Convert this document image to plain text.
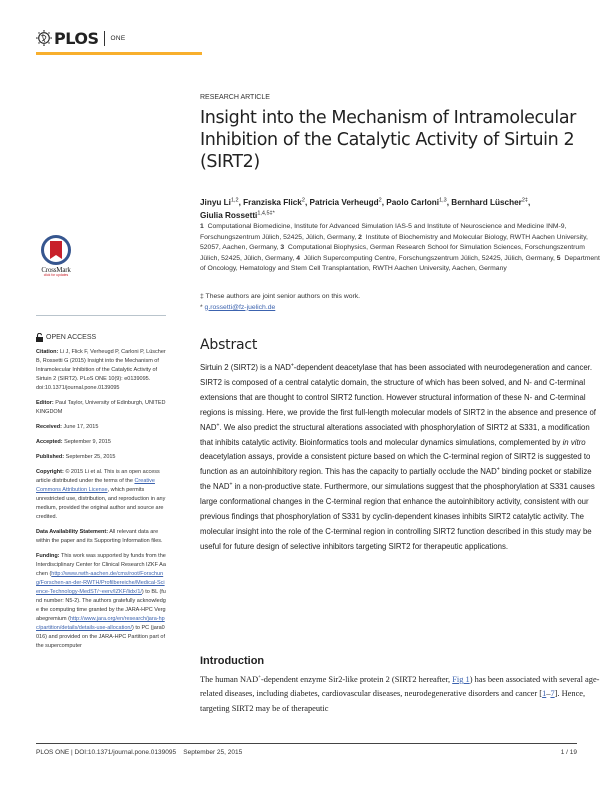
PLOS ONE
RESEARCH ARTICLE
Insight into the Mechanism of Intramolecular Inhibition of the Catalytic Activity of Sirtuin 2 (SIRT2)
Jinyu Li$^{1,2}$, Franziska Flick$^2$, Patricia Verheugd$^2$, Paolo Carloni$^{1,3}$, Bernhard Lüscher$^{2\ddagger}$,
Giulia Rossetti$^{1,4,5\ddagger*}$
1 Computational Biomedicine, Institute for Advanced Simulation IAS-5 and Institute of Neuroscience and Medicine INM-9, Forschungszentrum Jülich, 52425, Jülich, Germany, 2 Institute of Biochemistry and Molecular Biology, RWTH Aachen University, 52057, Aachen, Germany, 3 Computational Biophysics, German Research School for Simulation Sciences, Forschungszentrum Jülich, 52425, Jülich, Germany, 4 Jülich Supercomputing Centre, Forschungszentrum Jülich, 52425, Jülich, Germany, 5 Department of Oncology, Hematology and Stem Cell Transplantation, RWTH Aachen University, Aachen, Germany
‡ These authors are joint senior authors on this work.
* g.rossetti@fz-juelich.de
CrossMark
click for updates
OPEN ACCESS
Citation: Li J, Flick F, Verheugd P, Carloni P, Lüscher B, Rossetti G (2015) Insight into the Mechanism of Intramolecular Inhibition of the Catalytic Activity of Sirtuin 2 (SIRT2). PLoS ONE 10(9): e0139095. doi:10.1371/journal.pone.0139095
Editor: Paul Taylor, University of Edinburgh, UNITED KINGDOM
Received: June 17, 2015
Accepted: September 9, 2015
Published: September 25, 2015
Copyright: © 2015 Li et al. This is an open access article distributed under the terms of the Creative Commons Attribution License, which permits unrestricted use, distribution, and reproduction in any medium, provided the original author and source are credited.
Data Availability Statement: All relevant data are within the paper and its Supporting Information files.
Funding: This work was supported by funds from the Interdisciplinary Center for Clinical Research IZKF Aachen (http://www.rwth-aachen.de/cms/root/Forschung/Forschen-an-der-RWTH/Profilbereiche/Medical-Science-Technology-MedST/~eerv/IZKF/lidx/1/) to BL (fund number: N5-2). The authors gratefully acknowledge the computing time granted by the JARA-HPC Vergabegremium (http://www.jara.org/en/research/jara-hpc/partition/details/details-use-allocation/) to PC (jara0016) and provided on the JARA-HPC Partition part of the supercomputer
Abstract
Sirtuin 2 (SIRT2) is a NAD+-dependent deacetylase that has been associated with neurodegeneration and cancer. SIRT2 is composed of a central catalytic domain, the structure of which has been solved, and N- and C-terminal extensions that are thought to control SIRT2 function. However structural information of these N- and C-terminal regions is missing. Here, we provide the first full-length molecular models of SIRT2 in the absence and presence of NAD+. We also predict the structural alterations associated with phosphorylation of SIRT2 at S331, a modification that inhibits catalytic activity. Bioinformatics tools and molecular dynamics simulations, complemented by in vitro deacetylation assays, provide a consistent picture based on which the C-terminal region of SIRT2 is suggested to function as an autoinhibitory region. This has the capacity to partially occlude the NAD+ binding pocket or stabilize the NAD+ in a non-productive state. Furthermore, our simulations suggest that the phosphorylation at S331 causes large conformational changes in the C-terminal region that enhance the autoinhibitory activity, consistent with our previous findings that phosphorylation of S331 by cyclin-dependent kinases inhibits SIRT2 catalytic activity. The molecular insight into the role of the C-terminal region in controlling SIRT2 function described in this study may be useful for future design of selective inhibitors targeting SIRT2 for therapeutic applications.
Introduction
The human NAD+-dependent enzyme Sir2-like protein 2 (SIRT2 hereafter, Fig 1) has been associated with several age-related diseases, including diabetes, cardiovascular diseases, neurodegenerative disorders and cancer [1–7]. Hence, targeting SIRT2 may be of therapeutic
PLOS ONE | DOI:10.1371/journal.pone.0139095    September 25, 2015	1 / 19
